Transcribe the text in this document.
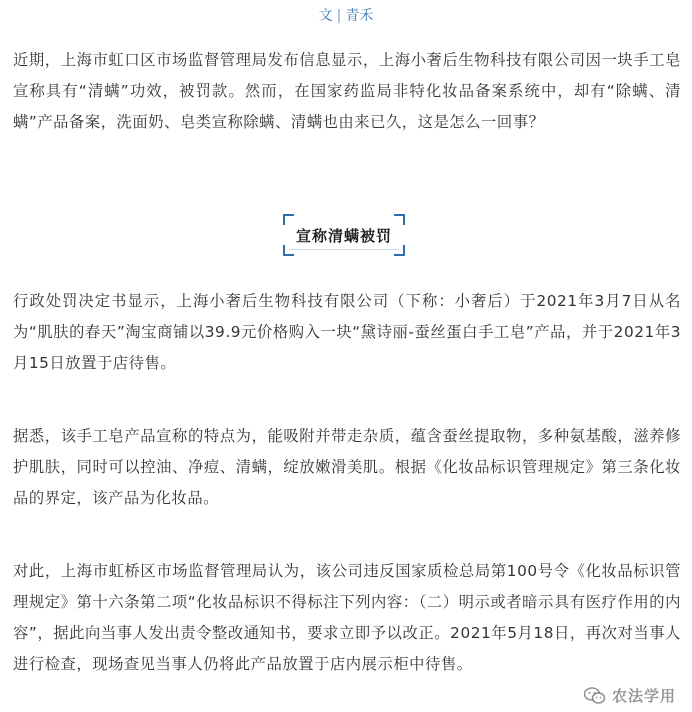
文 | 青禾

近期，上海市虹口区市场监督管理局发布信息显示，上海小奢后生物科技有限公司因一块手工皂宣称具有“清螨”功效，被罚款。然而，在国家药监局非特化妆品备案系统中，却有“除螨、清螨”产品备案，洗面奶、皂类宣称除螨、清螨也由来已久，这是怎么一回事？

宣称清螨被罚

行政处罚决定书显示，上海小奢后生物科技有限公司（下称：小奢后）于2021年3月7日从名为“肌肤的春天”淘宝商铺以39.9元价格购入一块“黛诗丽-蚕丝蛋白手工皂”产品，并于2021年3月15日放置于店待售。

据悉，该手工皂产品宣称的特点为，能吸附并带走杂质，蕴含蚕丝提取物，多种氨基酸，滋养修护肌肤，同时可以控油、净痘、清螨，绽放嫩滑美肌。根据《化妆品标识管理规定》第三条化妆品的界定，该产品为化妆品。

对此，上海市虹桥区市场监督管理局认为，该公司违反国家质检总局第100号令《化妆品标识管理规定》第十六条第二项“化妆品标识不得标注下列内容：（二）明示或者暗示具有医疗作用的内容”，据此向当事人发出责令整改通知书，要求立即予以改正。2021年5月18日，再次对当事人进行检查，现场查见当事人仍将此产品放置于店内展示柜中待售。

农法学用
